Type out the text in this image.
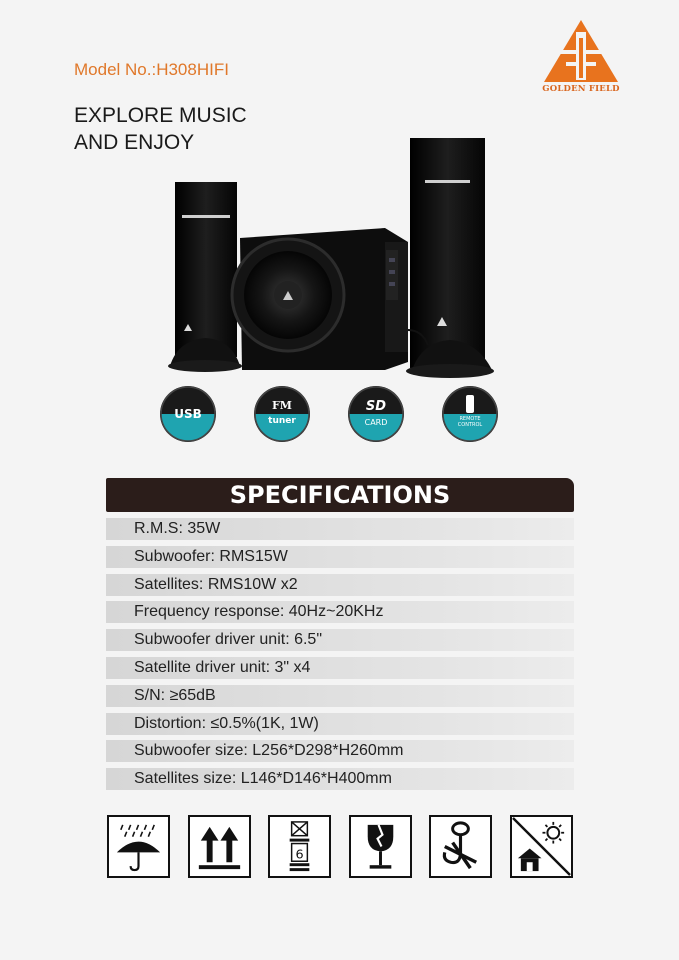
Model No.:H308HIFI
EXPLORE MUSIC
AND ENJOY
GOLDEN FIELD
USB
FM
tuner
SD
CARD	REMOTE
CONTROL
SPECIFICATIONS
R.M.S: 35W
Subwoofer: RMS15W
Satellites: RMS10W x2
Frequency response: 40Hz~20KHz
Subwoofer driver unit: 6.5"
Satellite driver unit: 3" x4
S/N: ≥65dB
Distortion: ≤0.5%(1K, 1W)
Subwoofer size: L256*D298*H260mm
Satellites size: L146*D146*H400mm
6
